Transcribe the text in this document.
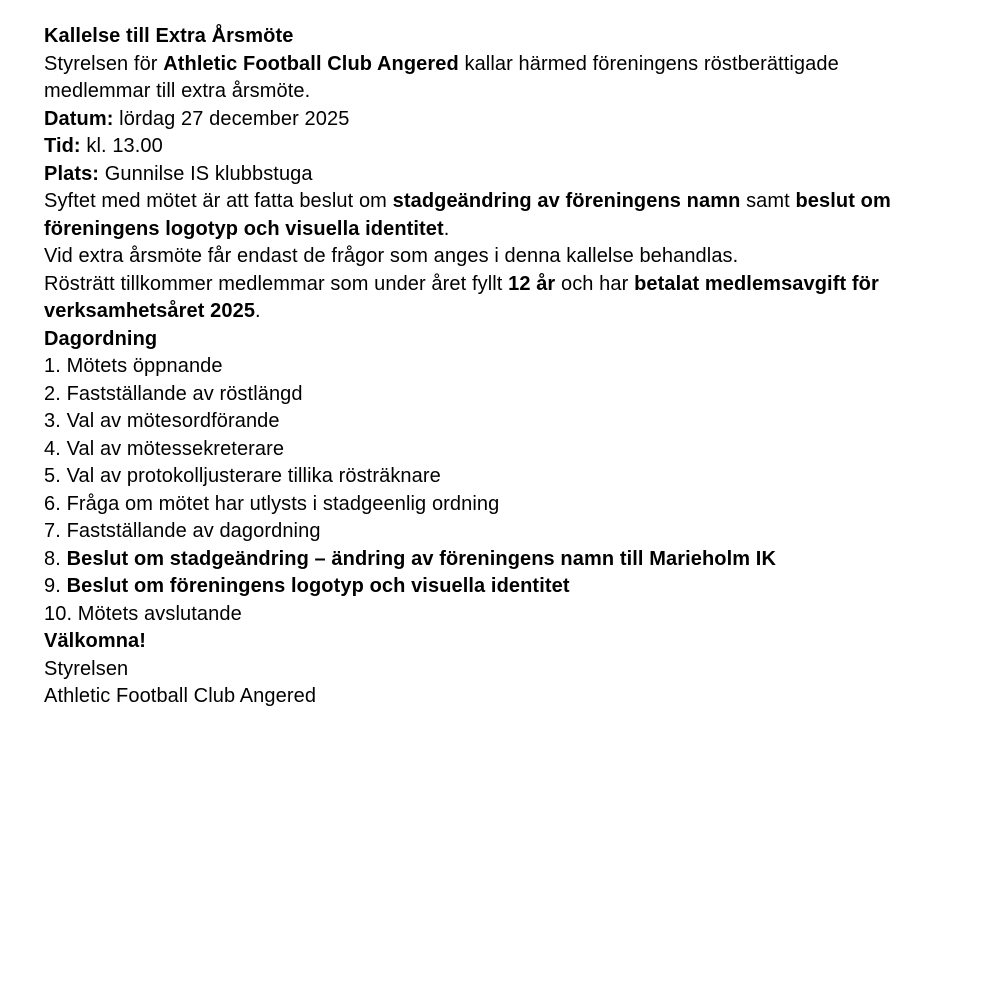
Kallelse till Extra Årsmöte

Styrelsen för Athletic Football Club Angered kallar härmed föreningens röstberättigade
medlemmar till extra årsmöte.

Datum: lördag 27 december 2025
Tid: kl. 13.00
Plats: Gunnilse IS klubbstuga

Syftet med mötet är att fatta beslut om stadgeändring av föreningens namn samt beslut om
föreningens logotyp och visuella identitet.

Vid extra årsmöte får endast de frågor som anges i denna kallelse behandlas.

Rösträtt tillkommer medlemmar som under året fyllt 12 år och har betalat medlemsavgift för
verksamhetsåret 2025.

Dagordning

1. Mötets öppnande
2. Fastställande av röstlängd
3. Val av mötesordförande
4. Val av mötessekreterare
5. Val av protokolljusterare tillika rösträknare
6. Fråga om mötet har utlysts i stadgeenlig ordning
7. Fastställande av dagordning
8. Beslut om stadgeändring – ändring av föreningens namn till Marieholm IK
9. Beslut om föreningens logotyp och visuella identitet
10. Mötets avslutande

Välkomna!

Styrelsen
Athletic Football Club Angered
